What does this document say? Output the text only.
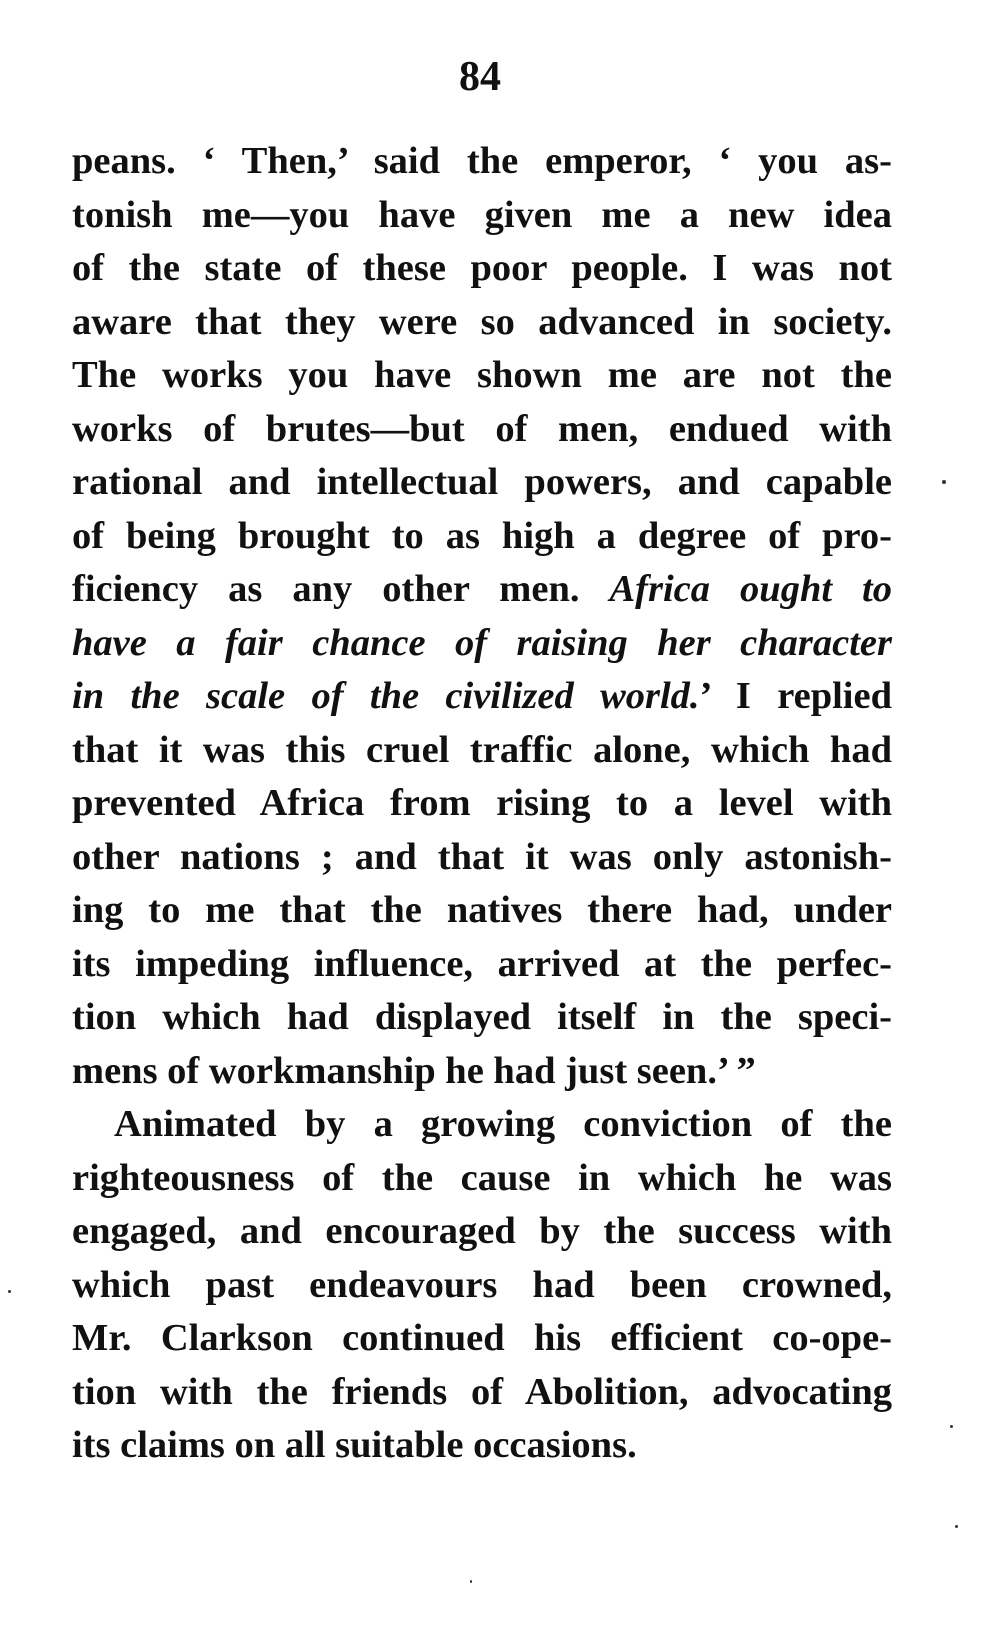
84
peans. ‘ Then,’ said the emperor, ‘ you as-
tonish me—you have given me a new idea
of the state of these poor people. I was not
aware that they were so advanced in society.
The works you have shown me are not the
works of brutes—but of men, endued with
rational and intellectual powers, and capable
of being brought to as high a degree of pro-
ficiency as any other men. Africa ought to
have a fair chance of raising her character
in the scale of the civilized world.’ I replied
that it was this cruel traffic alone, which had
prevented Africa from rising to a level with
other nations ; and that it was only astonish-
ing to me that the natives there had, under
its impeding influence, arrived at the perfec-
tion which had displayed itself in the speci-
mens of workmanship he had just seen.’ ”
Animated by a growing conviction of the
righteousness of the cause in which he was
engaged, and encouraged by the success with
which past endeavours had been crowned,
Mr. Clarkson continued his efficient co-ope-
tion with the friends of Abolition, advocating
its claims on all suitable occasions.
